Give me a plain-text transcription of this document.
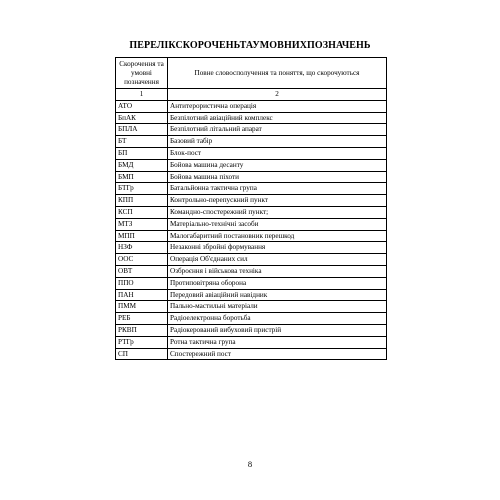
ПЕРЕЛІКСКОРОЧЕНЬТАУМОВНИХПОЗНАЧЕНЬ
Скорочення та умовні позначення	Повне словосполучення та поняття, що скорочуються
1	2
АТО	Антитерористична операція
БпАК	Безпілотний авіаційний комплекс
БПЛА	Безпілотний літальний апарат
БТ	Базовий табір
БП	Блок-пост
БМД	Бойова машина десанту
БМП	Бойова машина піхоти
БТГр	Батальйонна тактична група
КПП	Контрольно-перепускний пункт
КСП	Командно-спостережний пункт;
МТЗ	Матеріально-технічні засоби
МПП	Малогабаритний постановник перешкод
НЗФ	Незаконні збройні формування
ООС	Операція Об'єднаних сил
ОВТ	Озброєння і військова техніка
ППО	Протиповітряна оборона
ПАН	Передовий авіаційний навідник
ПММ	Пально-мастильні матеріали
РЕБ	Радіоелектронна боротьба
РКВП	Радіокерований вибуховий пристрій
РТГр	Ротна тактична група
СП	Спостережний пост
8
